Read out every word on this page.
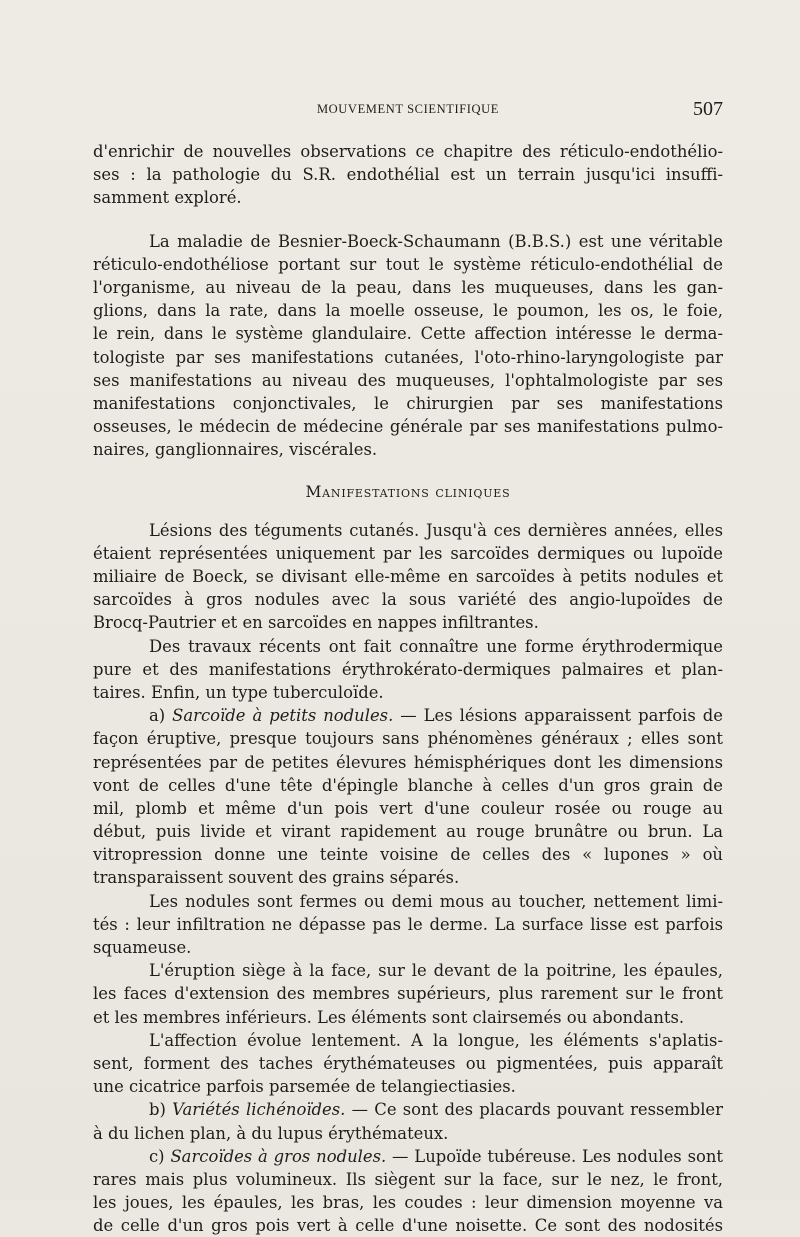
MOUVEMENT SCIENTIFIQUE	507
d'enrichir de nouvelles observations ce chapitre des réticulo-endothélio-
ses : la pathologie du S.R. endothélial est un terrain jusqu'ici insuffi-
samment exploré.
La maladie de Besnier-Boeck-Schaumann (B.B.S.) est une véritable
réticulo-endothéliose portant sur tout le système réticulo-endothélial de
l'organisme, au niveau de la peau, dans les muqueuses, dans les gan-
glions, dans la rate, dans la moelle osseuse, le poumon, les os, le foie,
le rein, dans le système glandulaire. Cette affection intéresse le derma-
tologiste par ses manifestations cutanées, l'oto-rhino-laryngologiste par
ses manifestations au niveau des muqueuses, l'ophtalmologiste par ses
manifestations conjonctivales, le chirurgien par ses manifestations
osseuses, le médecin de médecine générale par ses manifestations pulmo-
naires, ganglionnaires, viscérales.
Manifestations cliniques
Lésions des téguments cutanés. Jusqu'à ces dernières années, elles
étaient représentées uniquement par les sarcoïdes dermiques ou lupoïde
miliaire de Boeck, se divisant elle-même en sarcoïdes à petits nodules et
sarcoïdes à gros nodules avec la sous variété des angio-lupoïdes de
Brocq-Pautrier et en sarcoïdes en nappes infiltrantes.
Des travaux récents ont fait connaître une forme érythrodermique
pure et des manifestations érythrokérato-dermiques palmaires et plan-
taires. Enfin, un type tuberculoïde.
a) Sarcoïde à petits nodules. — Les lésions apparaissent parfois de
façon éruptive, presque toujours sans phénomènes généraux ; elles sont
représentées par de petites élevures hémisphériques dont les dimensions
vont de celles d'une tête d'épingle blanche à celles d'un gros grain de
mil, plomb et même d'un pois vert d'une couleur rosée ou rouge au
début, puis livide et virant rapidement au rouge brunâtre ou brun. La
vitropression donne une teinte voisine de celles des « lupones » où
transparaissent souvent des grains séparés.
Les nodules sont fermes ou demi mous au toucher, nettement limi-
tés : leur infiltration ne dépasse pas le derme. La surface lisse est parfois
squameuse.
L'éruption siège à la face, sur le devant de la poitrine, les épaules,
les faces d'extension des membres supérieurs, plus rarement sur le front
et les membres inférieurs. Les éléments sont clairsemés ou abondants.
L'affection évolue lentement. A la longue, les éléments s'aplatis-
sent, forment des taches érythémateuses ou pigmentées, puis apparaît
une cicatrice parfois parsemée de telangiectiasies.
b) Variétés lichénoïdes. — Ce sont des placards pouvant ressembler
à du lichen plan, à du lupus érythémateux.
c) Sarcoïdes à gros nodules. — Lupoïde tubéreuse. Les nodules sont
rares mais plus volumineux. Ils siègent sur la face, sur le nez, le front,
les joues, les épaules, les bras, les coudes : leur dimension moyenne va
de celle d'un gros pois vert à celle d'une noisette. Ce sont des nodosités
